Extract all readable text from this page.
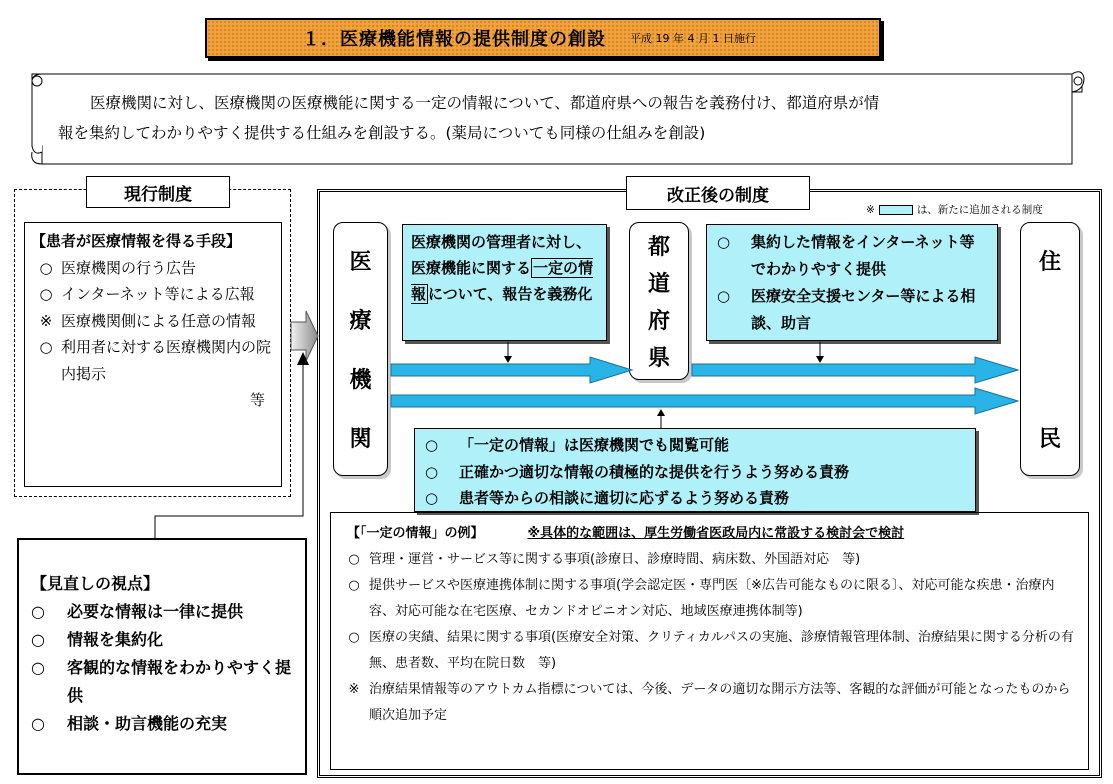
１．医療機能情報の提供制度の創設 平成 19 年 4 月 1 日施行
医療機関に対し、医療機関の医療機能に関する一定の情報について、都道府県への報告を義務付け、都道府県が情
報を集約してわかりやすく提供する仕組みを創設する。(薬局についても同様の仕組みを創設)
現行制度
【患者が医療情報を得る手段】
○ 医療機関の行う広告
○ インターネット等による広報
※ 医療機関側による任意の情報
○ 利用者に対する医療機関内の院内掲示
等
【見直しの視点】
○	必要な情報は一律に提供
○	情報を集約化
○	客観的な情報をわかりやすく提供
○	相談・助言機能の充実
改正後の制度
※	は、新たに追加される制度
医
療
機
関
都
道
府
県
住
民
医療機関の管理者に対し、医療機能に関する 一定の情報 について、報告を義務化
○	集約した情報をインターネット等でわかりやすく提供
○	医療安全支援センター等による相談、助言
○	「一定の情報」は医療機関でも閲覧可能
○	正確かつ適切な情報の積極的な提供を行うよう努める責務
○	患者等からの相談に適切に応ずるよう努める責務
【「一定の情報」の例】	※具体的な範囲は、厚生労働省医政局内に常設する検討会で検討
○ 管理・運営・サービス等に関する事項(診療日、診療時間、病床数、外国語対応　等)
○ 提供サービスや医療連携体制に関する事項(学会認定医・専門医〔※広告可能なものに限る〕、対応可能な疾患・治療内容、対応可能な在宅医療、セカンドオピニオン対応、地域医療連携体制等)
○ 医療の実績、結果に関する事項(医療安全対策、クリティカルパスの実施、診療情報管理体制、治療結果に関する分析の有無、患者数、平均在院日数　等)
※ 治療結果情報等のアウトカム指標については、今後、データの適切な開示方法等、客観的な評価が可能となったものから順次追加予定
